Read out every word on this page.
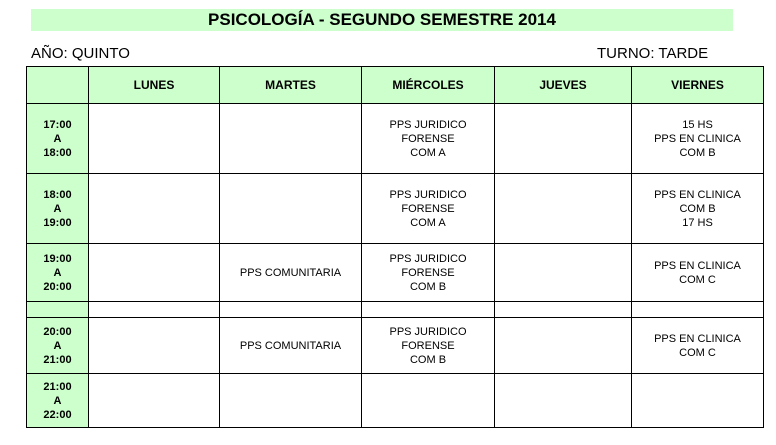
PSICOLOGÍA - SEGUNDO SEMESTRE 2014
AÑO: QUINTO	TURNO: TARDE
	LUNES	MARTES	MIÉRCOLES	JUEVES	VIERNES

17:00
A
18:00			PPS JURIDICO
FORENSE
COM A		15 HS
PPS EN CLINICA
COM B

18:00
A
19:00			PPS JURIDICO
FORENSE
COM A		PPS EN CLINICA
COM B
17 HS

19:00
A
20:00		PPS COMUNITARIA	PPS JURIDICO
FORENSE
COM B		PPS EN CLINICA
COM C

20:00
A
21:00		PPS COMUNITARIA	PPS JURIDICO
FORENSE
COM B		PPS EN CLINICA
COM C

21:00
A
22:00					
